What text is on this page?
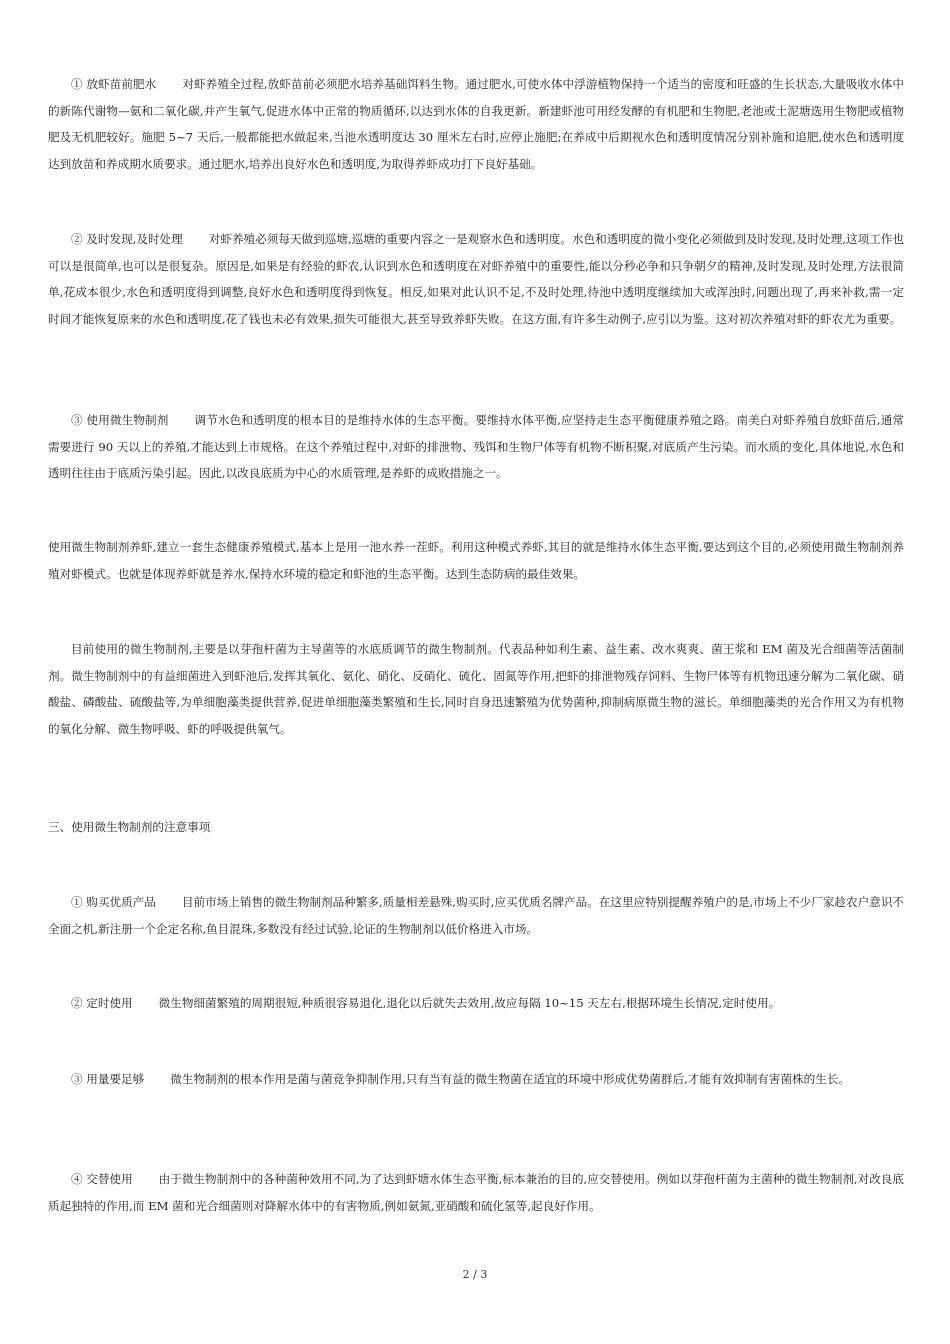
① 放虾苗前肥水 对虾养殖全过程,放虾苗前必须肥水培养基础饵料生物。通过肥水,可使水体中浮游植物保持一个适当的密度和旺盛的生长状态,大量吸收水体中的新陈代谢物—氨和二氧化碳,并产生氧气,促进水体中正常的物质循环,以达到水体的自我更新。新建虾池可用经发酵的有机肥和生物肥,老池或土泥塘选用生物肥或植物肥及无机肥较好。施肥 5~7 天后,一般都能把水做起来,当池水透明度达 30 厘米左右时,应停止施肥;在养成中后期视水色和透明度情况分别补施和追肥,使水色和透明度达到放苗和养成期水质要求。通过肥水,培养出良好水色和透明度,为取得养虾成功打下良好基础。

② 及时发现,及时处理 对虾养殖必须每天做到巡塘,巡塘的重要内容之一是观察水色和透明度。水色和透明度的微小变化必须做到及时发现,及时处理,这项工作也可以是很简单,也可以是很复杂。原因是,如果是有经验的虾农,认识到水色和透明度在对虾养殖中的重要性,能以分秒必争和只争朝夕的精神,及时发现,及时处理,方法很简单,花成本很少,水色和透明度得到调整,良好水色和透明度得到恢复。相反,如果对此认识不足,不及时处理,待池中透明度继续加大或浑浊时,问题出现了,再来补救,需一定时间才能恢复原来的水色和透明度,花了钱也未必有效果,损失可能很大,甚至导致养虾失败。在这方面,有许多生动例子,应引以为鉴。这对初次养殖对虾的虾农尤为重要。

③ 使用微生物制剂 调节水色和透明度的根本目的是维持水体的生态平衡。要维持水体平衡,应坚持走生态平衡健康养殖之路。南美白对虾养殖自放虾苗后,通常需要进行 90 天以上的养殖,才能达到上市规格。在这个养殖过程中,对虾的排泄物、残饵和生物尸体等有机物不断积聚,对底质产生污染。而水质的变化,具体地说,水色和透明往往由于底质污染引起。因此,以改良底质为中心的水质管理,是养虾的成败措施之一。

使用微生物制剂养虾,建立一套生态健康养殖模式,基本上是用一池水养一茬虾。利用这种模式养虾,其目的就是维持水体生态平衡,要达到这个目的,必须使用微生物制剂养殖对虾模式。也就是体现养虾就是养水,保持水环境的稳定和虾池的生态平衡。达到生态防病的最佳效果。

目前使用的微生物制剂,主要是以芽孢杆菌为主导菌等的水底质调节的微生物制剂。代表品种如利生素、益生素、改水爽爽、菌王浆和 EM 菌及光合细菌等活菌制剂。微生物制剂中的有益细菌进入到虾池后,发挥其氧化、氨化、硝化、反硝化、硫化、固氮等作用,把虾的排泄物残存饲料、生物尸体等有机物迅速分解为二氧化碳、硝酸盐、磷酸盐、硫酸盐等,为单细胞藻类提供营养,促进单细胞藻类繁殖和生长,同时自身迅速繁殖为优势菌种,抑制病原微生物的滋长。单细胞藻类的光合作用又为有机物的氧化分解、微生物呼吸、虾的呼吸提供氧气。

三、使用微生物制剂的注意事项

① 购买优质产品 目前市场上销售的微生物制剂品种繁多,质量相差悬殊,购买时,应买优质名牌产品。在这里应特别提醒养殖户的是,市场上不少厂家趁农户意识不全面之机,新注册一个企定名称,鱼目混珠,多数没有经过试验,论证的生物制剂以低价格进入市场。

② 定时使用 微生物细菌繁殖的周期很短,种质很容易退化,退化以后就失去效用,故应每隔 10~15 天左右,根据环境生长情况,定时使用。

③ 用量要足够 微生物制剂的根本作用是菌与菌竞争抑制作用,只有当有益的微生物菌在适宜的环境中形成优势菌群后,才能有效抑制有害菌株的生长。

④ 交替使用 由于微生物制剂中的各种菌种效用不同,为了达到虾塘水体生态平衡,标本兼治的目的,应交替使用。例如以芽孢杆菌为主菌种的微生物制剂,对改良底质起独特的作用,而 EM 菌和光合细菌则对降解水体中的有害物质,例如氨氮,亚硝酸和硫化氢等,起良好作用。

2 / 3
